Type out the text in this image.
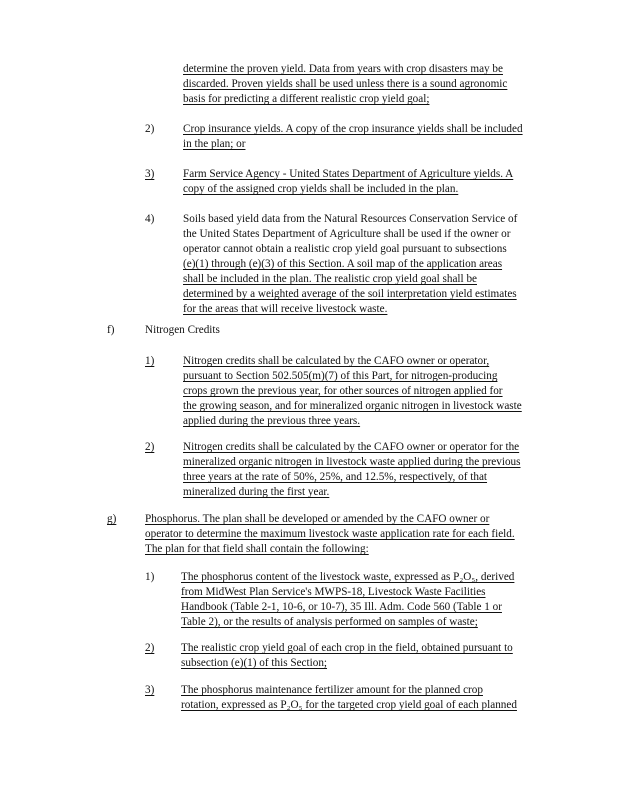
determine the proven yield. Data from years with crop disasters may be
discarded. Proven yields shall be used unless there is a sound agronomic
basis for predicting a different realistic crop yield goal;
2)	Crop insurance yields. A copy of the crop insurance yields shall be included
in the plan; or
3)	Farm Service Agency - United States Department of Agriculture yields. A
copy of the assigned crop yields shall be included in the plan.
4)	Soils based yield data from the Natural Resources Conservation Service of
the United States Department of Agriculture shall be used if the owner or
operator cannot obtain a realistic crop yield goal pursuant to subsections
(e)(1) through (e)(3) of this Section. A soil map of the application areas
shall be included in the plan. The realistic crop yield goal shall be
determined by a weighted average of the soil interpretation yield estimates
for the areas that will receive livestock waste.
f)	Nitrogen Credits
1)	Nitrogen credits shall be calculated by the CAFO owner or operator,
pursuant to Section 502.505(m)(7) of this Part, for nitrogen-producing
crops grown the previous year, for other sources of nitrogen applied for
the growing season, and for mineralized organic nitrogen in livestock waste
applied during the previous three years.
2)	Nitrogen credits shall be calculated by the CAFO owner or operator for the
mineralized organic nitrogen in livestock waste applied during the previous
three years at the rate of 50%, 25%, and 12.5%, respectively, of that
mineralized during the first year.
g)	Phosphorus. The plan shall be developed or amended by the CAFO owner or
operator to determine the maximum livestock waste application rate for each field.
The plan for that field shall contain the following:
1) The phosphorus content of the livestock waste, expressed as P₂O₅, derived
from MidWest Plan Service's MWPS-18, Livestock Waste Facilities
Handbook (Table 2-1, 10-6, or 10-7), 35 Ill. Adm. Code 560 (Table 1 or
Table 2), or the results of analysis performed on samples of waste;
2) The realistic crop yield goal of each crop in the field, obtained pursuant to
subsection (e)(1) of this Section;
3) The phosphorus maintenance fertilizer amount for the planned crop
rotation, expressed as P₂O₅ for the targeted crop yield goal of each planned
